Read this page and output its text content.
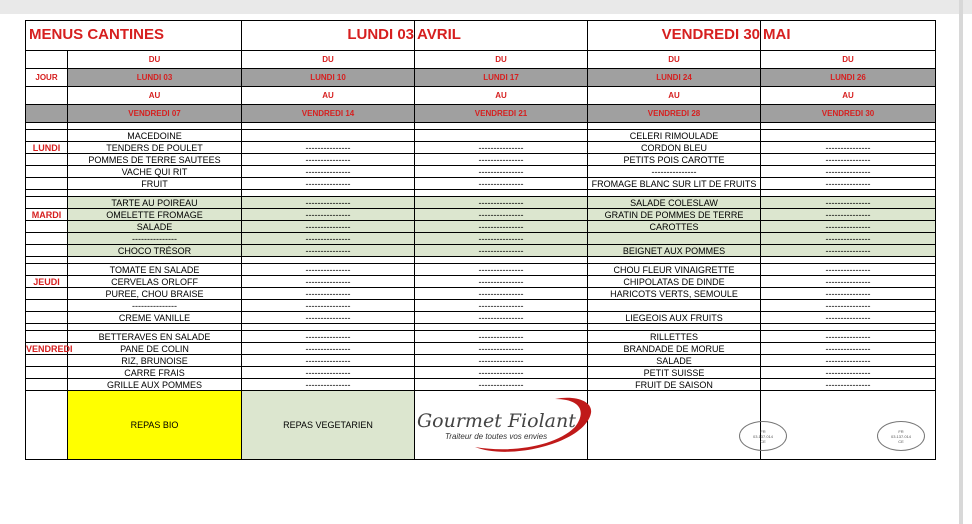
MENUS CANTINES		LUNDI 03	AVRIL	VENDREDI 30	MAI
	DU	DU	DU	DU	DU
JOUR	LUNDI 03	LUNDI 10	LUNDI 17	LUNDI 24	LUNDI 26
	AU	AU	AU	AU	AU
	VENDREDI 07	VENDREDI 14	VENDREDI 21	VENDREDI 28	VENDREDI 30

	MACEDOINE			CELERI RIMOULADE	
LUNDI	TENDERS DE POULET	---------------	---------------	CORDON BLEU	---------------
	POMMES DE TERRE SAUTEES	---------------	---------------	PETITS POIS CAROTTE	---------------
	VACHE QUI RIT	---------------	---------------	---------------	---------------
	FRUIT	---------------	---------------	FROMAGE BLANC SUR LIT DE FRUITS	---------------

	TARTE AU POIREAU	---------------	---------------	SALADE COLESLAW	---------------
MARDI	OMELETTE FROMAGE	---------------	---------------	GRATIN DE POMMES DE TERRE	---------------
	SALADE	---------------	---------------	CAROTTES	---------------
	---------------	---------------	---------------		---------------
	CHOCO TRÉSOR	---------------	---------------	BEIGNET AUX POMMES	---------------

	TOMATE EN SALADE	---------------	---------------	CHOU FLEUR VINAIGRETTE	---------------
JEUDI	CERVELAS ORLOFF	---------------	---------------	CHIPOLATAS DE DINDE	---------------
	PUREE, CHOU BRAISE	---------------	---------------	HARICOTS VERTS, SEMOULE	---------------
	---------------	---------------	---------------		---------------
	CREME VANILLE	---------------	---------------	LIEGEOIS AUX FRUITS	---------------

	BETTERAVES EN SALADE	---------------	---------------	RILLETTES	---------------
VENDREDI	PANE DE COLIN	---------------	---------------	BRANDADE DE MORUE	---------------
	RIZ, BRUNOISE	---------------	---------------	SALADE	---------------
	CARRE FRAIS	---------------	---------------	PETIT SUISSE	---------------
	GRILLE AUX POMMES	---------------	---------------	FRUIT DE SAISON	---------------
	REPAS BIO	REPAS VEGETARIEN	Gourmet Fiolant
Traiteur de toutes vos envies	FR
03.137.014
CE	FR
03.137.014
CE
